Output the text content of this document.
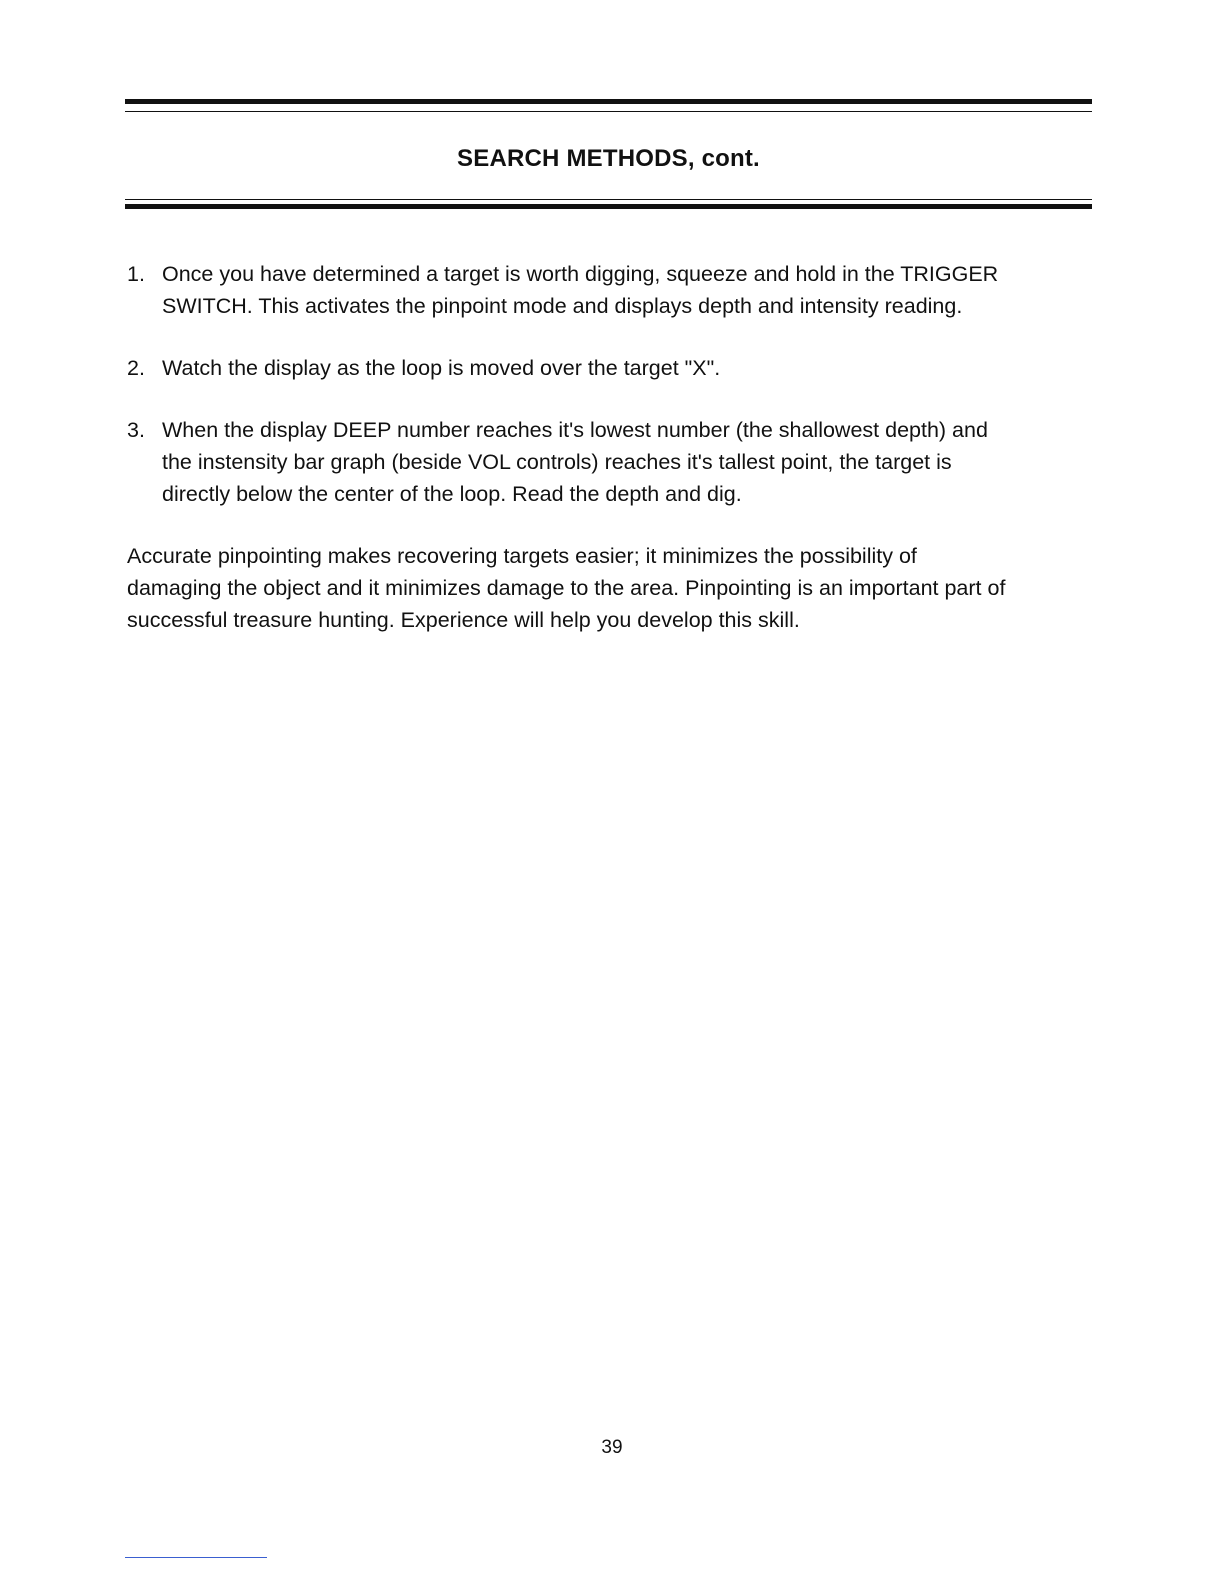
SEARCH METHODS, cont.
1. Once you have determined a target is worth digging, squeeze and hold in the TRIGGER SWITCH. This activates the pinpoint mode and displays depth and intensity reading.
2. Watch the display as the loop is moved over the target "X".
3. When the display DEEP number reaches it's lowest number (the shallowest depth) and the instensity bar graph (beside VOL controls) reaches it's tallest point, the target is directly below the center of the loop. Read the depth and dig.

Accurate pinpointing makes recovering targets easier; it minimizes the possibility of damaging the object and it minimizes damage to the area. Pinpointing is an important part of successful treasure hunting. Experience will help you develop this skill.

39
